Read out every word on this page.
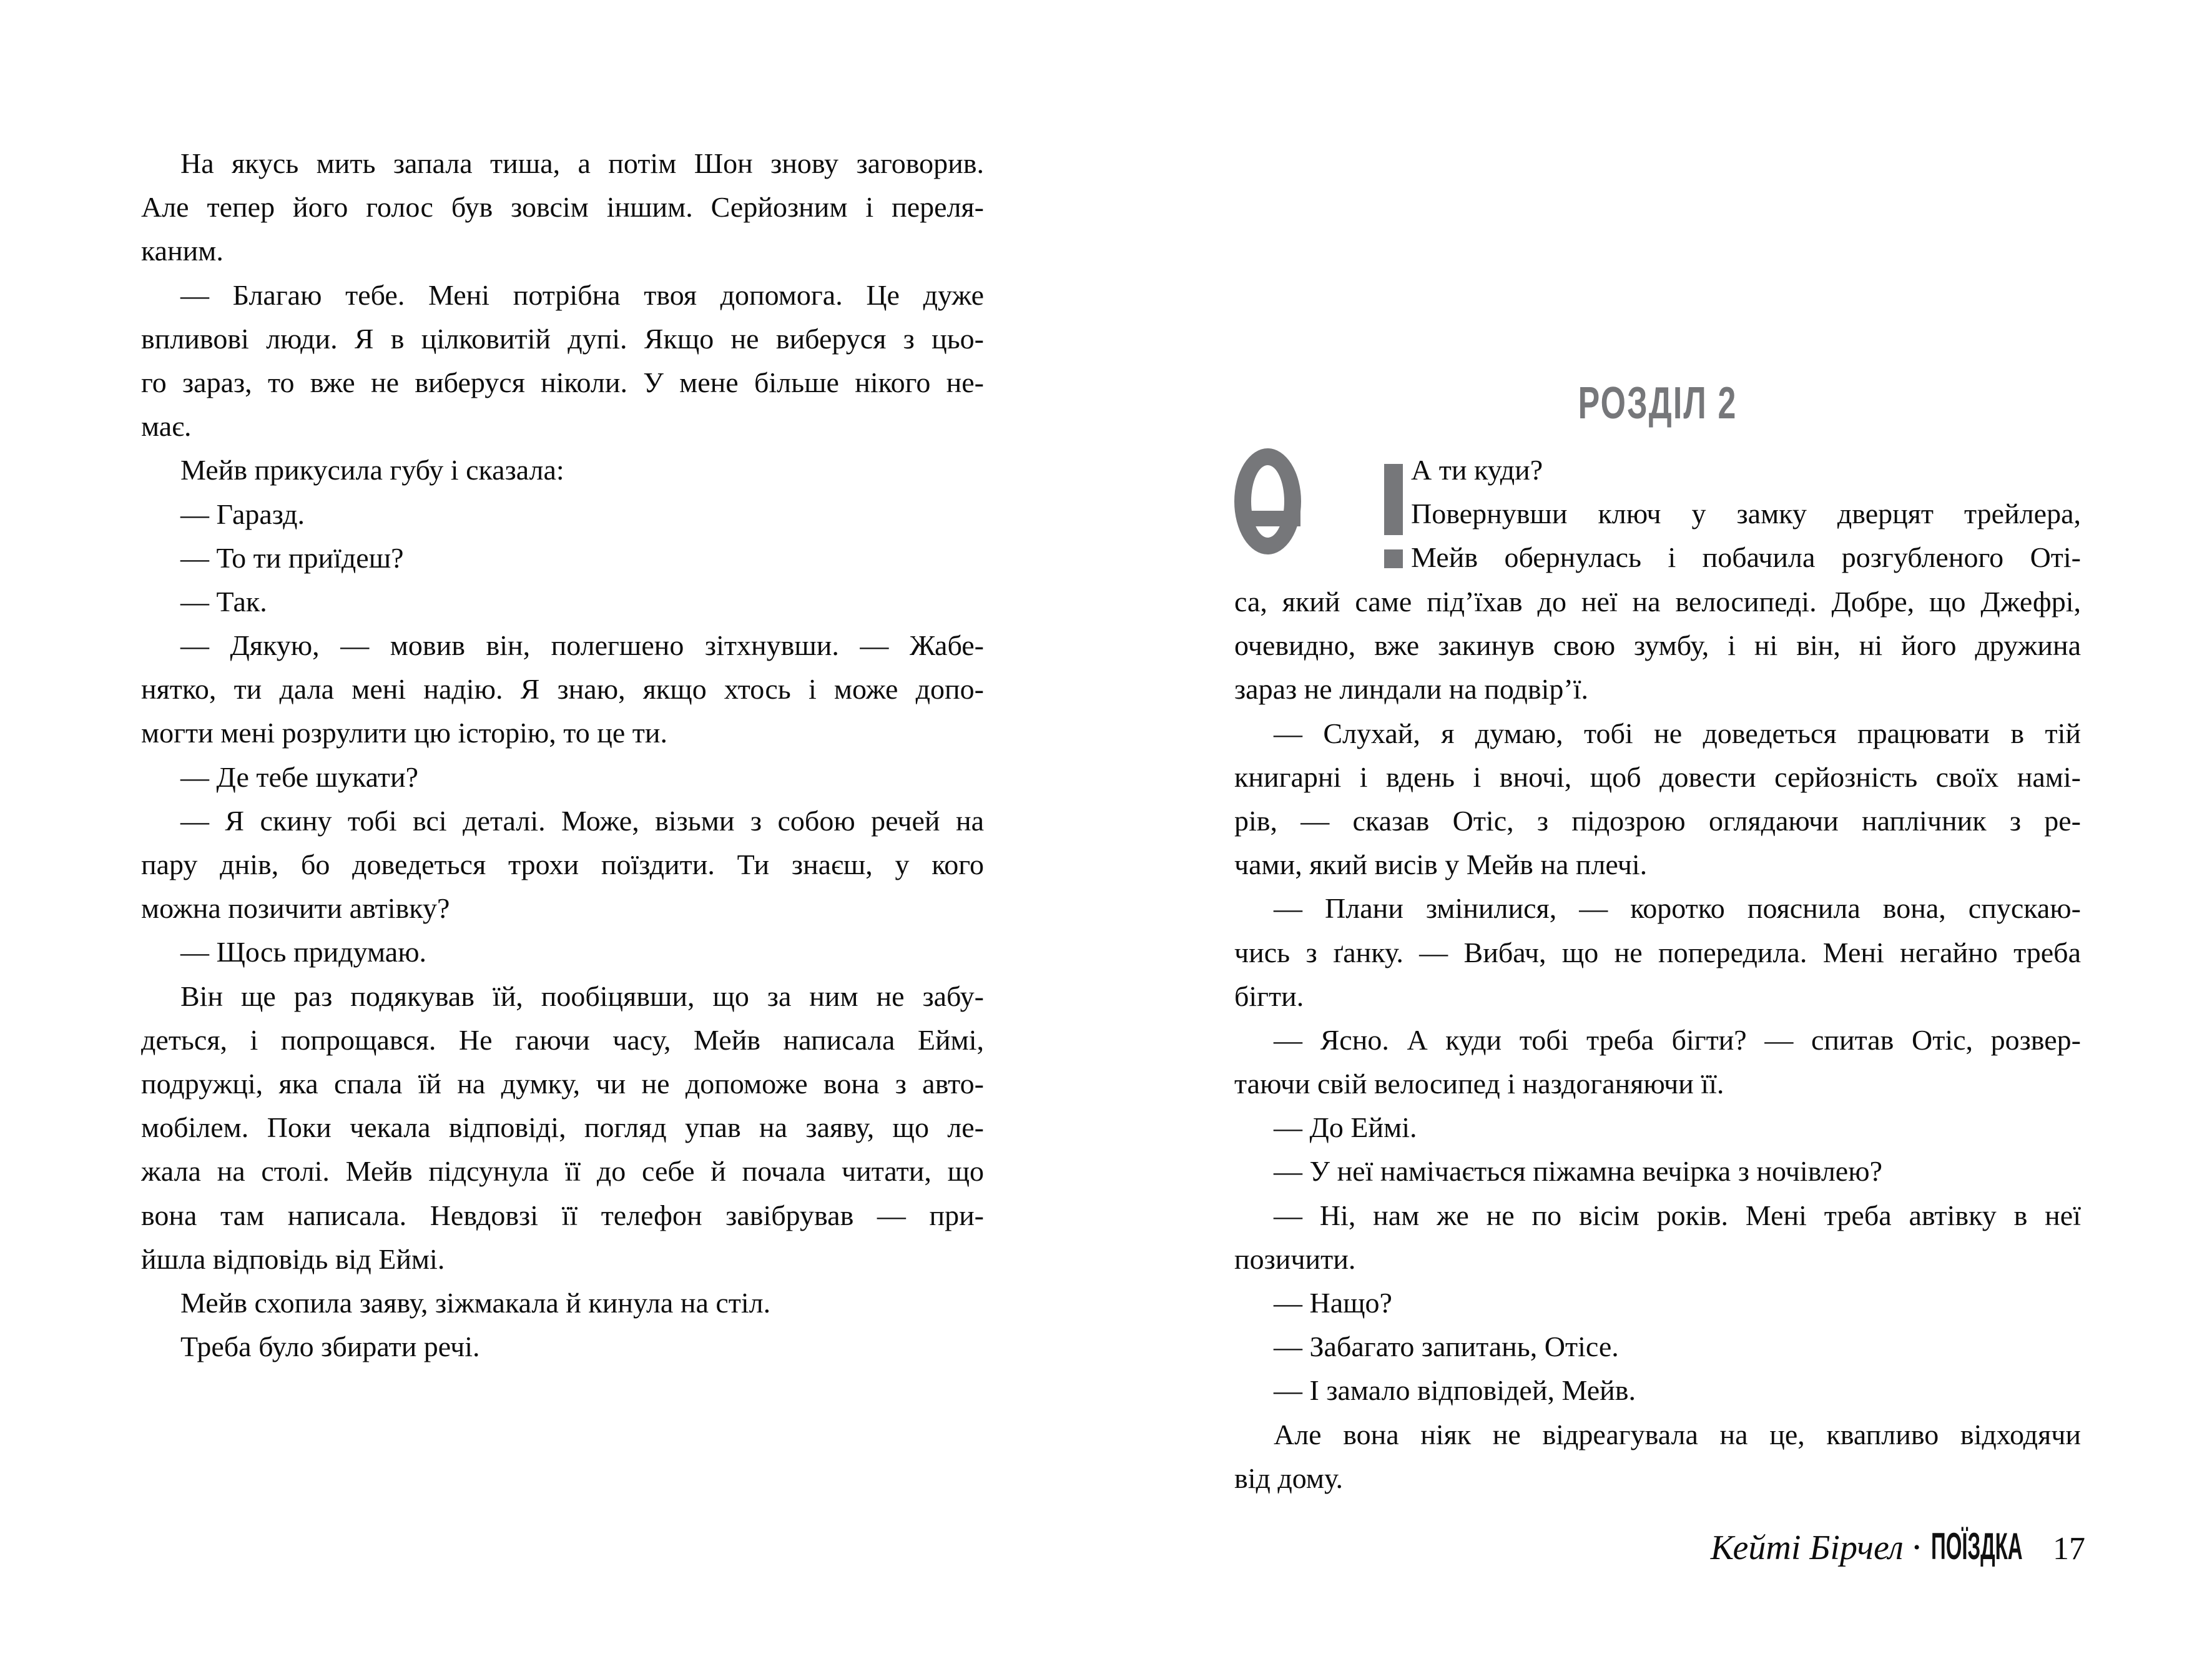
На якусь мить запала тиша, а потім Шон знову заговорив.
Але тепер його голос був зовсім іншим. Серйозним і переля-
каним.
— Благаю тебе. Мені потрібна твоя допомога. Це дуже
впливові люди. Я в цілковитій дупі. Якщо не виберуся з цьо-
го зараз, то вже не виберуся ніколи. У мене більше нікого не-
має.
Мейв прикусила губу і сказала:
— Гаразд.
— То ти приїдеш?
— Так.
— Дякую, — мовив він, полегшено зітхнувши. — Жабе-
нятко, ти дала мені надію. Я знаю, якщо хтось і може допо-
могти мені розрулити цю історію, то це ти.
— Де тебе шукати?
— Я скину тобі всі деталі. Може, візьми з собою речей на
пару днів, бо доведеться трохи поїздити. Ти знаєш, у кого
можна позичити автівку?
— Щось придумаю.
Він ще раз подякував їй, пообіцявши, що за ним не забу-
деться, і попрощався. Не гаючи часу, Мейв написала Еймі,
подружці, яка спала їй на думку, чи не допоможе вона з авто-
мобілем. Поки чекала відповіді, погляд упав на заяву, що ле-
жала на столі. Мейв підсунула її до себе й почала читати, що
вона там написала. Невдовзі її телефон завібрував — при-
йшла відповідь від Еймі.
Мейв схопила заяву, зіжмакала й кинула на стіл.
Треба було збирати речі.
РОЗДІЛ 2
А ти куди?
Повернувши ключ у замку дверцят трейлера,
Мейв обернулась і побачила розгубленого Оті-
са, який саме під’їхав до неї на велосипеді. Добре, що Джефрі,
очевидно, вже закинув свою зумбу, і ні він, ні його дружина
зараз не линдали на подвір’ї.
— Слухай, я думаю, тобі не доведеться працювати в тій
книгарні і вдень і вночі, щоб довести серйозність своїх намі-
рів, — сказав Отіс, з підозрою оглядаючи наплічник з ре-
чами, який висів у Мейв на плечі.
— Плани змінилися, — коротко пояснила вона, спускаю-
чись з ґанку. — Вибач, що не попередила. Мені негайно треба
бігти.
— Ясно. А куди тобі треба бігти? — спитав Отіс, розвер-
таючи свій велосипед і наздоганяючи її.
— До Еймі.
— У неї намічається піжамна вечірка з ночівлею?
— Ні, нам же не по вісім років. Мені треба автівку в неї
позичити.
— Нащо?
— Забагато запитань, Отісе.
— І замало відповідей, Мейв.
Але вона ніяк не відреагувала на це, квапливо відходячи
від дому.
Кейті Бірчел • ПОЇЗДКА 17
